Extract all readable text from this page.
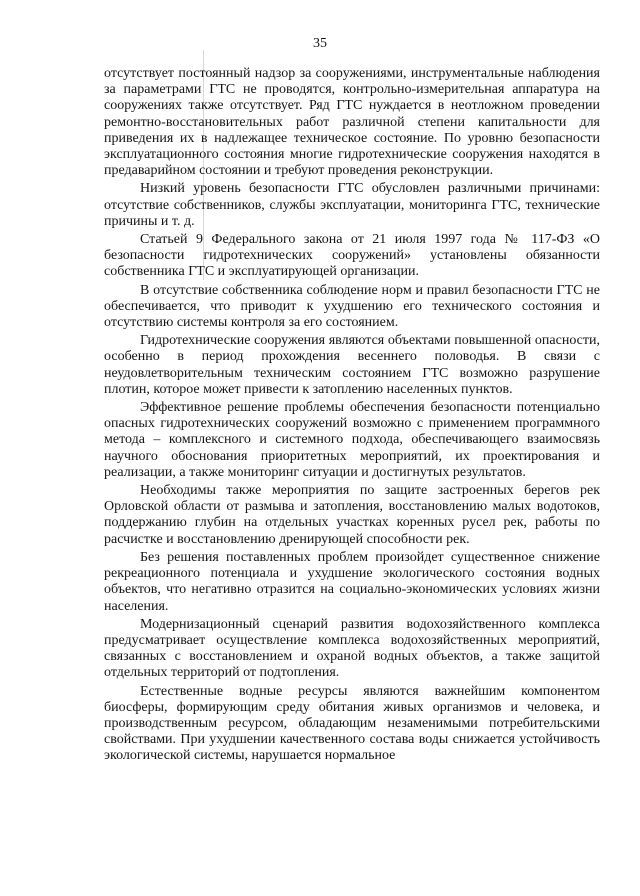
35

отсутствует постоянный надзор за сооружениями, инструментальные наблюдения за параметрами ГТС не проводятся, контрольно-измерительная аппаратура на сооружениях также отсутствует. Ряд ГТС нуждается в неотложном проведении ремонтно-восстановительных работ различной степени капитальности для приведения их в надлежащее техническое состояние. По уровню безопасности эксплуатационного состояния многие гидротехнические сооружения находятся в предаварийном состоянии и требуют проведения реконструкции.

Низкий уровень безопасности ГТС обусловлен различными причинами: отсутствие собственников, службы эксплуатации, мониторинга ГТС, технические причины и т. д.

Статьей 9 Федерального закона от 21 июля 1997 года № 117-ФЗ «О безопасности гидротехнических сооружений» установлены обязанности собственника ГТС и эксплуатирующей организации.

В отсутствие собственника соблюдение норм и правил безопасности ГТС не обеспечивается, что приводит к ухудшению его технического состояния и отсутствию системы контроля за его состоянием.

Гидротехнические сооружения являются объектами повышенной опасности, особенно в период прохождения весеннего половодья. В связи с неудовлетворительным техническим состоянием ГТС возможно разрушение плотин, которое может привести к затоплению населенных пунктов.

Эффективное решение проблемы обеспечения безопасности потенциально опасных гидротехнических сооружений возможно с применением программного метода – комплексного и системного подхода, обеспечивающего взаимосвязь научного обоснования приоритетных мероприятий, их проектирования и реализации, а также мониторинг ситуации и достигнутых результатов.

Необходимы также мероприятия по защите застроенных берегов рек Орловской области от размыва и затопления, восстановлению малых водотоков, поддержанию глубин на отдельных участках коренных русел рек, работы по расчистке и восстановлению дренирующей способности рек.

Без решения поставленных проблем произойдет существенное снижение рекреационного потенциала и ухудшение экологического состояния водных объектов, что негативно отразится на социально-экономических условиях жизни населения.

Модернизационный сценарий развития водохозяйственного комплекса предусматривает осуществление комплекса водохозяйственных мероприятий, связанных с восстановлением и охраной водных объектов, а также защитой отдельных территорий от подтопления.

Естественные водные ресурсы являются важнейшим компонентом биосферы, формирующим среду обитания живых организмов и человека, и производственным ресурсом, обладающим незаменимыми потребительскими свойствами. При ухудшении качественного состава воды снижается устойчивость экологической системы, нарушается нормальное
